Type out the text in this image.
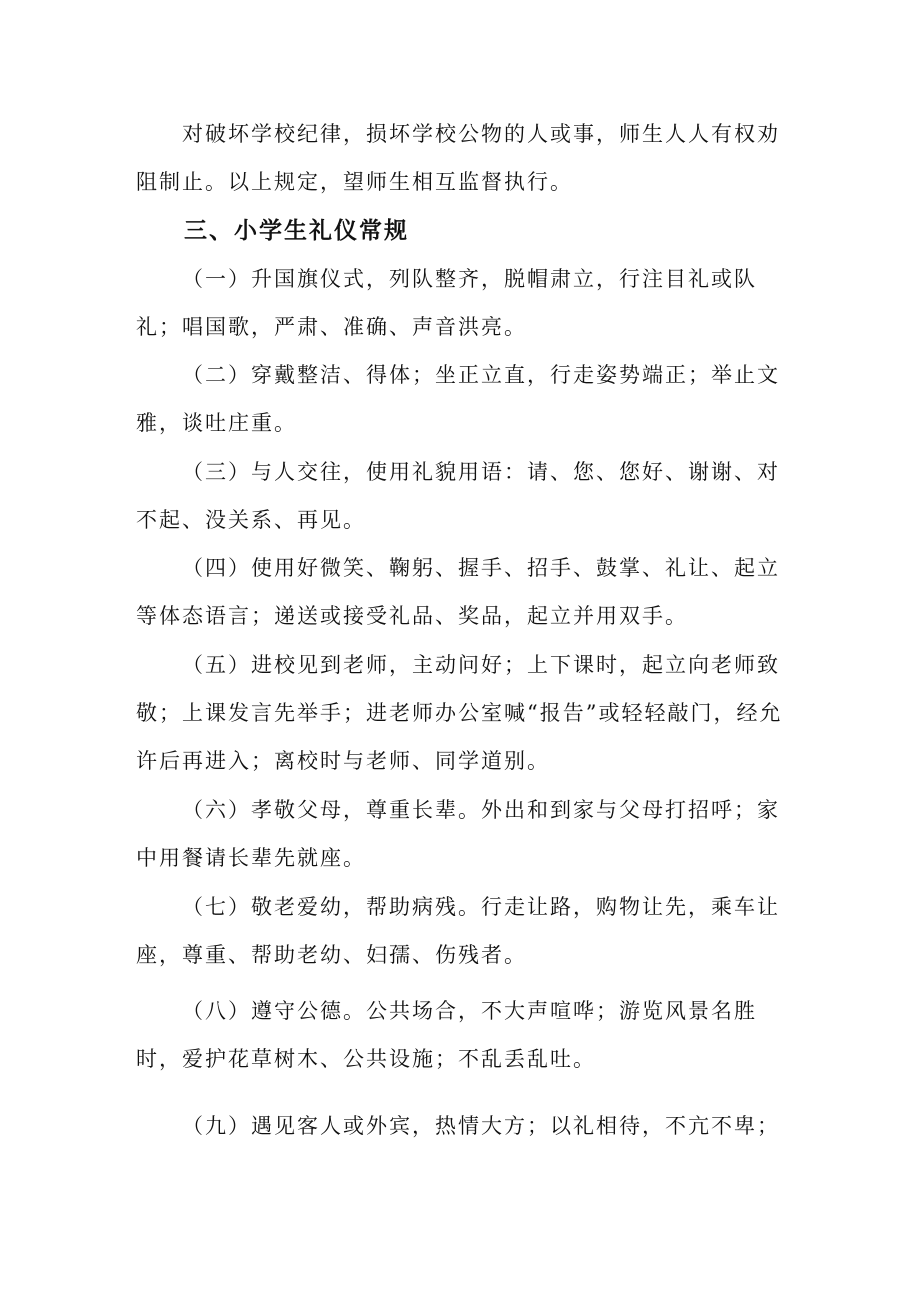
对破坏学校纪律，损坏学校公物的人或事，师生人人有权劝阻制止。以上规定，望师生相互监督执行。

三、小学生礼仪常规

（一）升国旗仪式，列队整齐，脱帽肃立，行注目礼或队礼；唱国歌，严肃、准确、声音洪亮。

（二）穿戴整洁、得体；坐正立直，行走姿势端正；举止文雅，谈吐庄重。

（三）与人交往，使用礼貌用语：请、您、您好、谢谢、对不起、没关系、再见。

（四）使用好微笑、鞠躬、握手、招手、鼓掌、礼让、起立等体态语言；递送或接受礼品、奖品，起立并用双手。

（五）进校见到老师，主动问好；上下课时，起立向老师致敬；上课发言先举手；进老师办公室喊“报告”或轻轻敲门，经允许后再进入；离校时与老师、同学道别。

（六）孝敬父母，尊重长辈。外出和到家与父母打招呼；家中用餐请长辈先就座。

（七）敬老爱幼，帮助病残。行走让路，购物让先，乘车让座，尊重、帮助老幼、妇孺、伤残者。

（八）遵守公德。公共场合，不大声喧哗；游览风景名胜时，爱护花草树木、公共设施；不乱丢乱吐。

（九）遇见客人或外宾，热情大方；以礼相待，不亢不卑；
